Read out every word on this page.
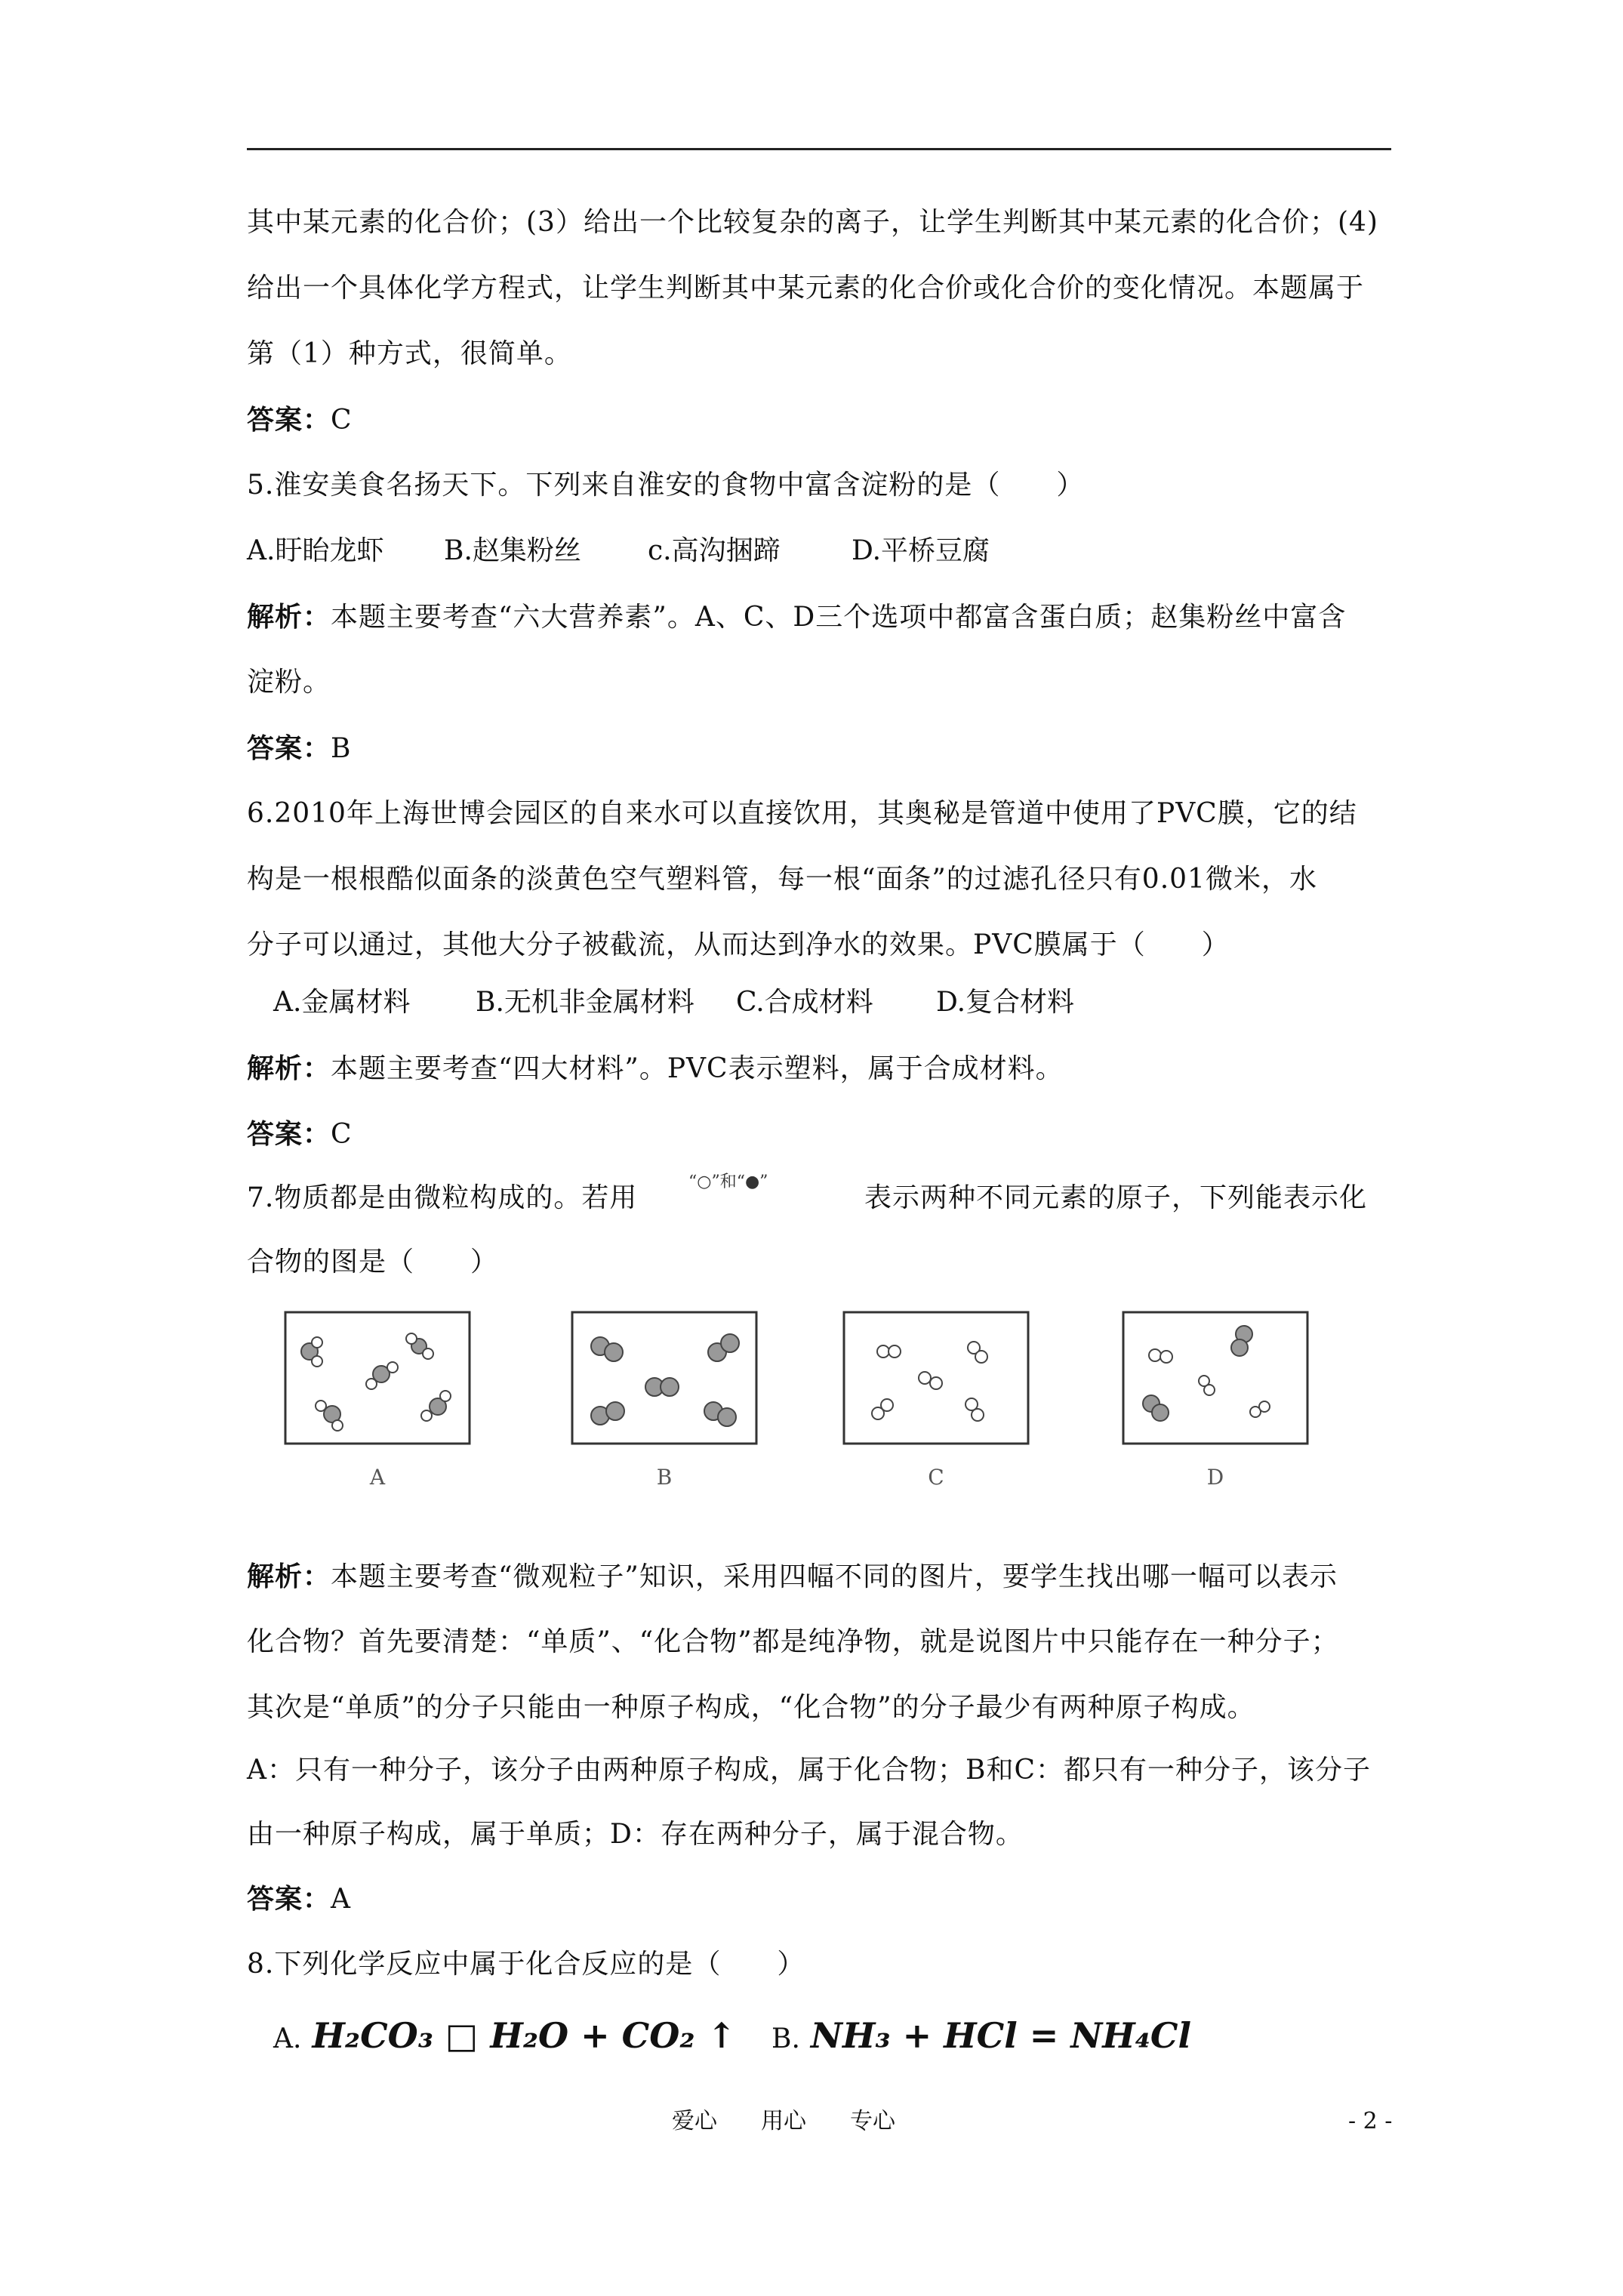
其中某元素的化合价；(3）给出一个比较复杂的离子，让学生判断其中某元素的化合价；(4)
给出一个具体化学方程式，让学生判断其中某元素的化合价或化合价的变化情况。本题属于
第（1）种方式，很简单。
答案：C
5.淮安美食名扬天下。下列来自淮安的食物中富含淀粉的是（　　）
A.盱眙龙虾 B.赵集粉丝 c.高沟捆蹄	D.平桥豆腐
解析：本题主要考查“六大营养素”。A、C、D三个选项中都富含蛋白质；赵集粉丝中富含
淀粉。
答案：B
6.2010年上海世博会园区的自来水可以直接饮用，其奥秘是管道中使用了PVC膜，它的结
构是一根根酷似面条的淡黄色空气塑料管，每一根“面条”的过滤孔径只有0.01微米，水
分子可以通过，其他大分子被截流，从而达到净水的效果。PVC膜属于（　　）
A.金属材料 B.无机非金属材料 C.合成材料 D.复合材料
解析：本题主要考查“四大材料”。PVC表示塑料，属于合成材料。
答案：C
7.物质都是由微粒构成的。若用
“○”和“●”
表示两种不同元素的原子，下列能表示化
合物的图是（　　）
A	B	C	D
解析：本题主要考查“微观粒子”知识，采用四幅不同的图片，要学生找出哪一幅可以表示
化合物？首先要清楚：“单质”、“化合物”都是纯净物，就是说图片中只能存在一种分子；
其次是“单质”的分子只能由一种原子构成，“化合物”的分子最少有两种原子构成。
A：只有一种分子，该分子由两种原子构成，属于化合物；B和C：都只有一种分子，该分子
由一种原子构成，属于单质；D：存在两种分子，属于混合物。
答案：A
8.下列化学反应中属于化合反应的是（　　）
A. H₂CO₃ □ H₂O + CO₂ ↑ B. NH₃ + HCl = NH₄Cl
爱心 用心 专心	- 2 -
